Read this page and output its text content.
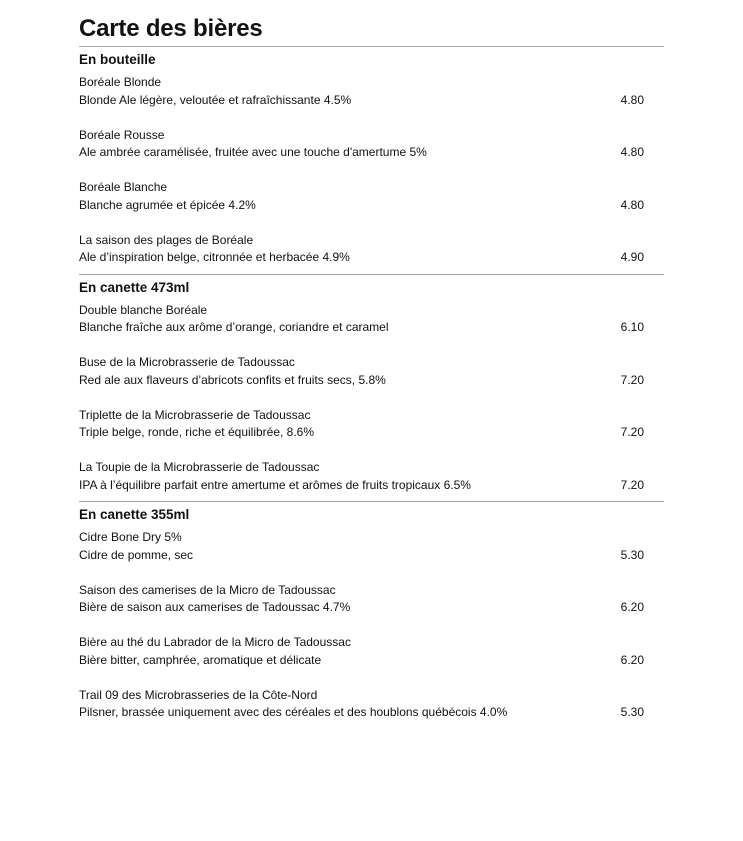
Carte des bières
En bouteille
Boréale Blonde
Blonde Ale légère, veloutée et rafraîchissante 4.5%	4.80
Boréale Rousse
Ale ambrée caramélisée, fruitée avec une touche d'amertume 5%	4.80
Boréale Blanche
Blanche agrumée et épicée 4.2%	4.80
La saison des plages de Boréale
Ale d’inspiration belge, citronnée et herbacée 4.9%	4.90
En canette 473ml
Double blanche Boréale
Blanche fraîche aux arôme d’orange, coriandre et caramel	6.10
Buse de la Microbrasserie de Tadoussac
Red ale aux flaveurs d’abricots confits et fruits secs, 5.8%	7.20
Triplette de la Microbrasserie de Tadoussac
Triple belge, ronde, riche et équilibrée, 8.6%	7.20
La Toupie de la Microbrasserie de Tadoussac
IPA à l’équilibre parfait entre amertume et arômes de fruits tropicaux 6.5%	7.20
En canette 355ml
Cidre Bone Dry 5%
Cidre de pomme, sec	5.30
Saison des camerises de la Micro de Tadoussac
Bière de saison aux camerises de Tadoussac 4.7%	6.20
Bière au thé du Labrador de la Micro de Tadoussac
Bière bitter, camphrée, aromatique et délicate	6.20
Trail 09 des Microbrasseries de la Côte-Nord
Pilsner, brassée uniquement avec des céréales et des houblons québécois 4.0%	5.30
